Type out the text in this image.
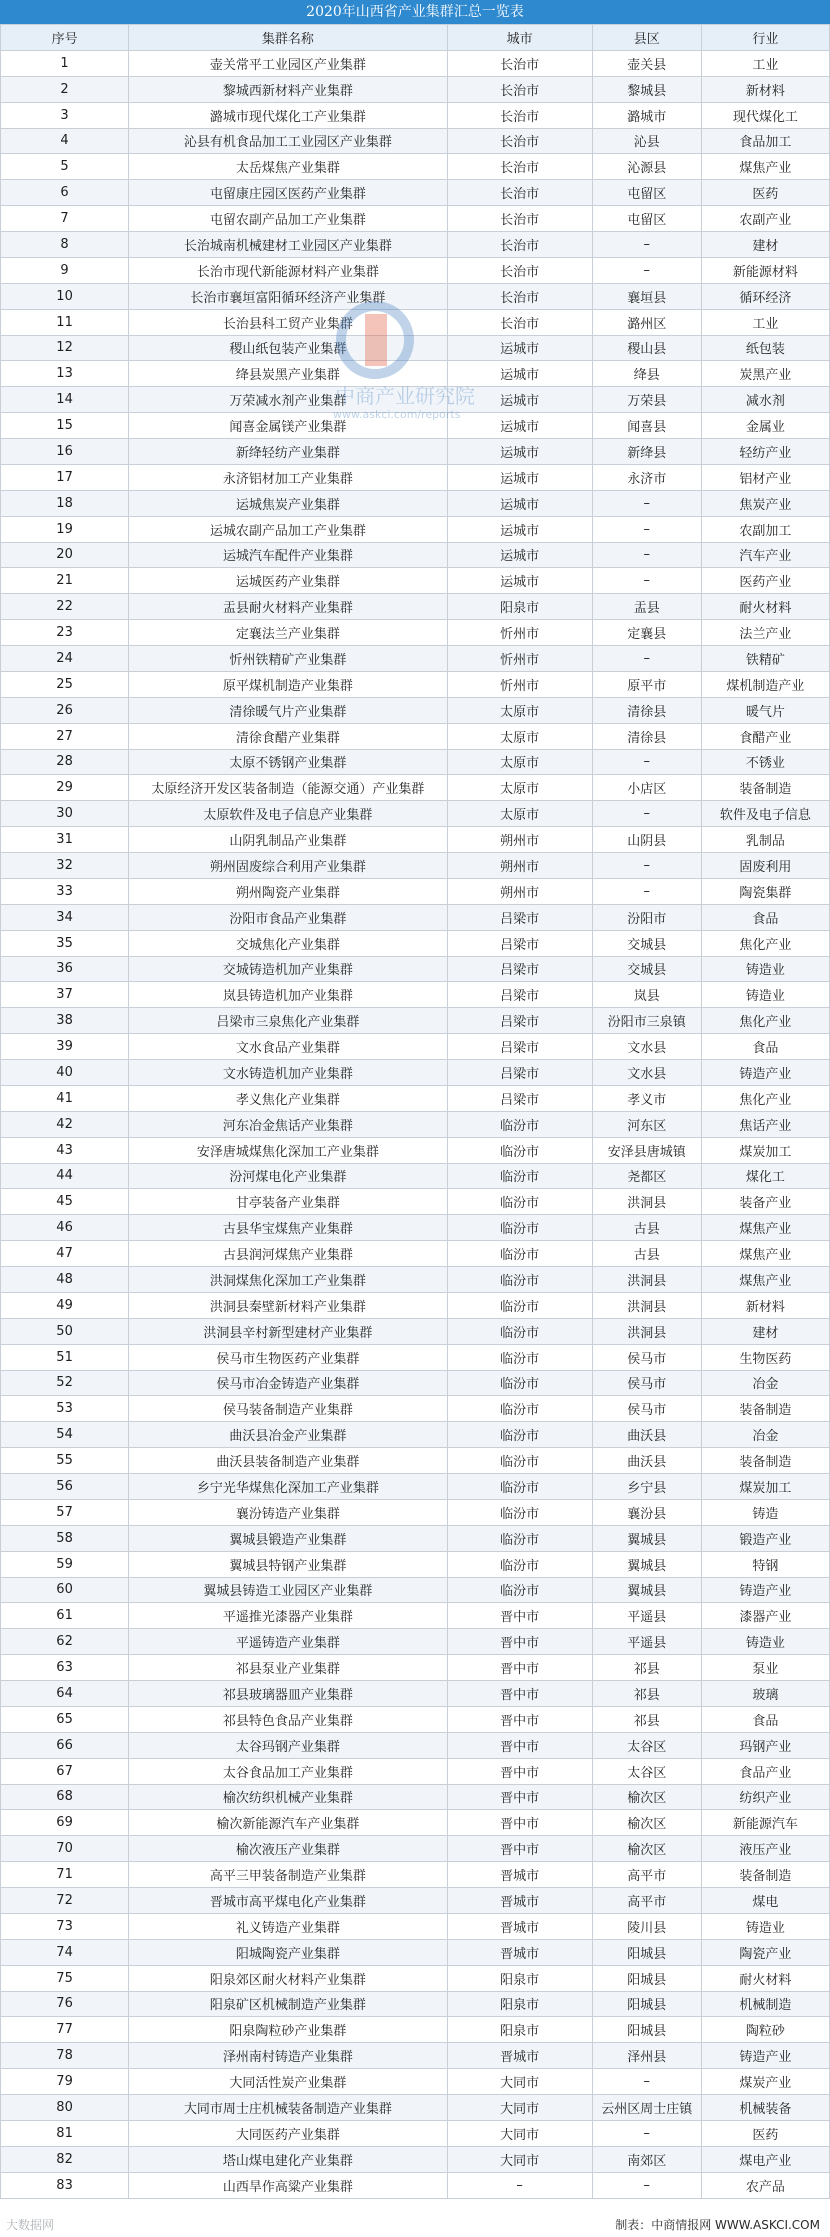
2020年山西省产业集群汇总一览表
序号	集群名称	城市	县区	行业
1	壶关常平工业园区产业集群	长治市	壶关县	工业
2	黎城西新材料产业集群	长治市	黎城县	新材料
3	潞城市现代煤化工产业集群	长治市	潞城市	现代煤化工
4	沁县有机食品加工工业园区产业集群	长治市	沁县	食品加工
5	太岳煤焦产业集群	长治市	沁源县	煤焦产业
6	屯留康庄园区医药产业集群	长治市	屯留区	医药
7	屯留农副产品加工产业集群	长治市	屯留区	农副产业
8	长治城南机械建材工业园区产业集群	长治市	–	建材
9	长治市现代新能源材料产业集群	长治市	–	新能源材料
10	长治市襄垣富阳循环经济产业集群	长治市	襄垣县	循环经济
11	长治县科工贸产业集群	长治市	潞州区	工业
12	稷山纸包装产业集群	运城市	稷山县	纸包装
13	绛县炭黑产业集群	运城市	绛县	炭黑产业
14	万荣减水剂产业集群	运城市	万荣县	减水剂
15	闻喜金属镁产业集群	运城市	闻喜县	金属业
16	新绛轻纺产业集群	运城市	新绛县	轻纺产业
17	永济铝材加工产业集群	运城市	永济市	铝材产业
18	运城焦炭产业集群	运城市	–	焦炭产业
19	运城农副产品加工产业集群	运城市	–	农副加工
20	运城汽车配件产业集群	运城市	–	汽车产业
21	运城医药产业集群	运城市	–	医药产业
22	盂县耐火材料产业集群	阳泉市	盂县	耐火材料
23	定襄法兰产业集群	忻州市	定襄县	法兰产业
24	忻州铁精矿产业集群	忻州市	–	铁精矿
25	原平煤机制造产业集群	忻州市	原平市	煤机制造产业
26	清徐暖气片产业集群	太原市	清徐县	暖气片
27	清徐食醋产业集群	太原市	清徐县	食醋产业
28	太原不锈钢产业集群	太原市	–	不锈业
29	太原经济开发区装备制造（能源交通）产业集群	太原市	小店区	装备制造
30	太原软件及电子信息产业集群	太原市	–	软件及电子信息
31	山阴乳制品产业集群	朔州市	山阴县	乳制品
32	朔州固废综合利用产业集群	朔州市	–	固废利用
33	朔州陶瓷产业集群	朔州市	–	陶瓷集群
34	汾阳市食品产业集群	吕梁市	汾阳市	食品
35	交城焦化产业集群	吕梁市	交城县	焦化产业
36	交城铸造机加产业集群	吕梁市	交城县	铸造业
37	岚县铸造机加产业集群	吕梁市	岚县	铸造业
38	吕梁市三泉焦化产业集群	吕梁市	汾阳市三泉镇	焦化产业
39	文水食品产业集群	吕梁市	文水县	食品
40	文水铸造机加产业集群	吕梁市	文水县	铸造产业
41	孝义焦化产业集群	吕梁市	孝义市	焦化产业
42	河东冶金焦话产业集群	临汾市	河东区	焦话产业
43	安泽唐城煤焦化深加工产业集群	临汾市	安泽县唐城镇	煤炭加工
44	汾河煤电化产业集群	临汾市	尧都区	煤化工
45	甘亭装备产业集群	临汾市	洪洞县	装备产业
46	古县华宝煤焦产业集群	临汾市	古县	煤焦产业
47	古县润河煤焦产业集群	临汾市	古县	煤焦产业
48	洪洞煤焦化深加工产业集群	临汾市	洪洞县	煤焦产业
49	洪洞县秦壁新材料产业集群	临汾市	洪洞县	新材料
50	洪洞县辛村新型建材产业集群	临汾市	洪洞县	建材
51	侯马市生物医药产业集群	临汾市	侯马市	生物医药
52	侯马市冶金铸造产业集群	临汾市	侯马市	冶金
53	侯马装备制造产业集群	临汾市	侯马市	装备制造
54	曲沃县冶金产业集群	临汾市	曲沃县	冶金
55	曲沃县装备制造产业集群	临汾市	曲沃县	装备制造
56	乡宁光华煤焦化深加工产业集群	临汾市	乡宁县	煤炭加工
57	襄汾铸造产业集群	临汾市	襄汾县	铸造
58	翼城县锻造产业集群	临汾市	翼城县	锻造产业
59	翼城县特钢产业集群	临汾市	翼城县	特钢
60	翼城县铸造工业园区产业集群	临汾市	翼城县	铸造产业
61	平遥推光漆器产业集群	晋中市	平遥县	漆器产业
62	平遥铸造产业集群	晋中市	平遥县	铸造业
63	祁县泵业产业集群	晋中市	祁县	泵业
64	祁县玻璃器皿产业集群	晋中市	祁县	玻璃
65	祁县特色食品产业集群	晋中市	祁县	食品
66	太谷玛钢产业集群	晋中市	太谷区	玛钢产业
67	太谷食品加工产业集群	晋中市	太谷区	食品产业
68	榆次纺织机械产业集群	晋中市	榆次区	纺织产业
69	榆次新能源汽车产业集群	晋中市	榆次区	新能源汽车
70	榆次液压产业集群	晋中市	榆次区	液压产业
71	高平三甲装备制造产业集群	晋城市	高平市	装备制造
72	晋城市高平煤电化产业集群	晋城市	高平市	煤电
73	礼义铸造产业集群	晋城市	陵川县	铸造业
74	阳城陶瓷产业集群	晋城市	阳城县	陶瓷产业
75	阳泉郊区耐火材料产业集群	阳泉市	阳城县	耐火材料
76	阳泉矿区机械制造产业集群	阳泉市	阳城县	机械制造
77	阳泉陶粒砂产业集群	阳泉市	阳城县	陶粒砂
78	泽州南村铸造产业集群	晋城市	泽州县	铸造产业
79	大同活性炭产业集群	大同市	–	煤炭产业
80	大同市周士庄机械装备制造产业集群	大同市	云州区周士庄镇	机械装备
81	大同医药产业集群	大同市	–	医药
82	塔山煤电建化产业集群	大同市	南郊区	煤电产业
83	山西旱作高粱产业集群	–	–	农产品
中商产业研究院
www.askci.com/reports
大数据网	制表：中商情报网 WWW.ASKCI.COM
